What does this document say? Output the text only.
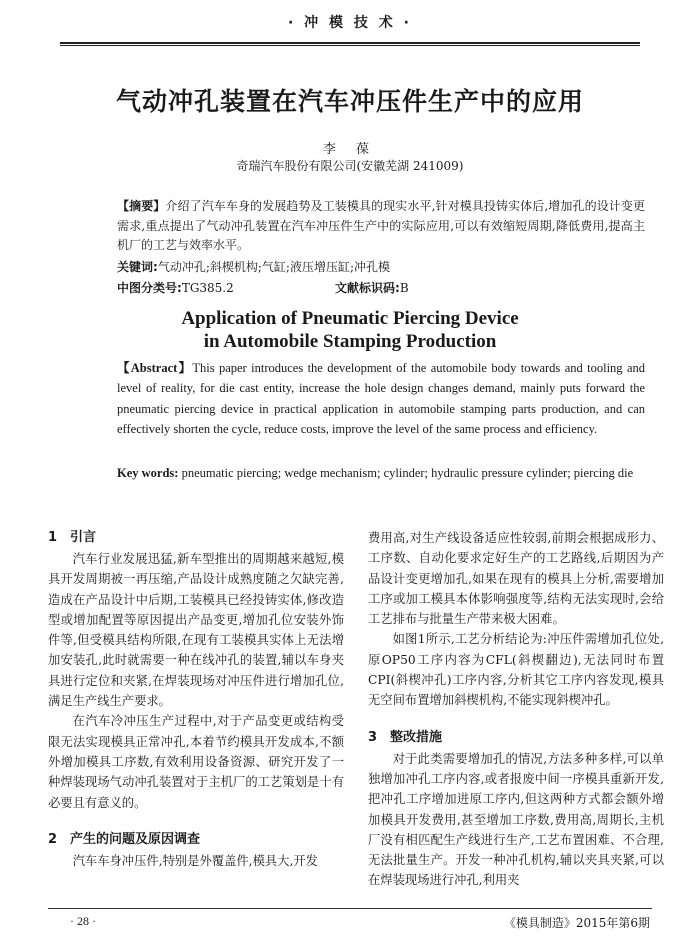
· 冲 模 技 术 ·
气动冲孔装置在汽车冲压件生产中的应用
李 葆
奇瑞汽车股份有限公司(安徽芜湖 241009)
【摘要】介绍了汽车车身的发展趋势及工装模具的现实水平,针对模具投铸实体后,增加孔的设计变更需求,重点提出了气动冲孔装置在汽车冲压件生产中的实际应用,可以有效缩短周期,降低费用,提高主机厂的工艺与效率水平。
关键词:气动冲孔;斜楔机构;气缸;液压增压缸;冲孔模
中图分类号:TG385.2	文献标识码:B
Application of Pneumatic Piercing Device
in Automobile Stamping Production
【Abstract】This paper introduces the development of the automobile body towards and tooling and level of reality, for die cast entity, increase the hole design changes demand, mainly puts forward the pneumatic piercing device in practical application in automobile stamping parts production, and can effectively shorten the cycle, reduce costs, improve the level of the same process and efficiency.
Key words: pneumatic piercing; wedge mechanism; cylinder; hydraulic pressure cylinder; piercing die

1 引言

汽车行业发展迅猛,新车型推出的周期越来越短,模具开发周期被一再压缩,产品设计成熟度随之欠缺完善,造成在产品设计中后期,工装模具已经投铸实体,修改造型或增加配置等原因提出产品变更,增加孔位安装外饰件等,但受模具结构所限,在现有工装模具实体上无法增加安装孔,此时就需要一种在线冲孔的装置,辅以车身夹具进行定位和夹紧,在焊装现场对冲压件进行增加孔位,满足生产线生产要求。

在汽车冷冲压生产过程中,对于产品变更或结构受限无法实现模具正常冲孔,本着节约模具开发成本,不额外增加模具工序数,有效利用设备资源、研究开发了一种焊装现场气动冲孔装置对于主机厂的工艺策划是十有必要且有意义的。

2 产生的问题及原因调查

汽车车身冲压件,特别是外覆盖件,模具大,开发

费用高,对生产线设备适应性较弱,前期会根据成形力、工序数、自动化要求定好生产的工艺路线,后期因为产品设计变更增加孔,如果在现有的模具上分析,需要增加工序或加工模具本体影响强度等,结构无法实现时,会给工艺排布与批量生产带来极大困难。

如图1所示,工艺分析结论为:冲压件需增加孔位处,原OP50工序内容为CFL(斜楔翻边),无法同时布置CPI(斜楔冲孔)工序内容,分析其它工序内容发现,模具无空间布置增加斜楔机构,不能实现斜楔冲孔。

3 整改措施

对于此类需要增加孔的情况,方法多种多样,可以单独增加冲孔工序内容,或者报废中间一序模具重新开发,把冲孔工序增加进原工序内,但这两种方式都会额外增加模具开发费用,甚至增加工序数,费用高,周期长,主机厂没有相匹配生产线进行生产,工艺布置困难、不合理,无法批量生产。开发一种冲孔机构,辅以夹具夹紧,可以在焊装现场进行冲孔,利用夹

· 28 ·	《模具制造》2015年第6期
